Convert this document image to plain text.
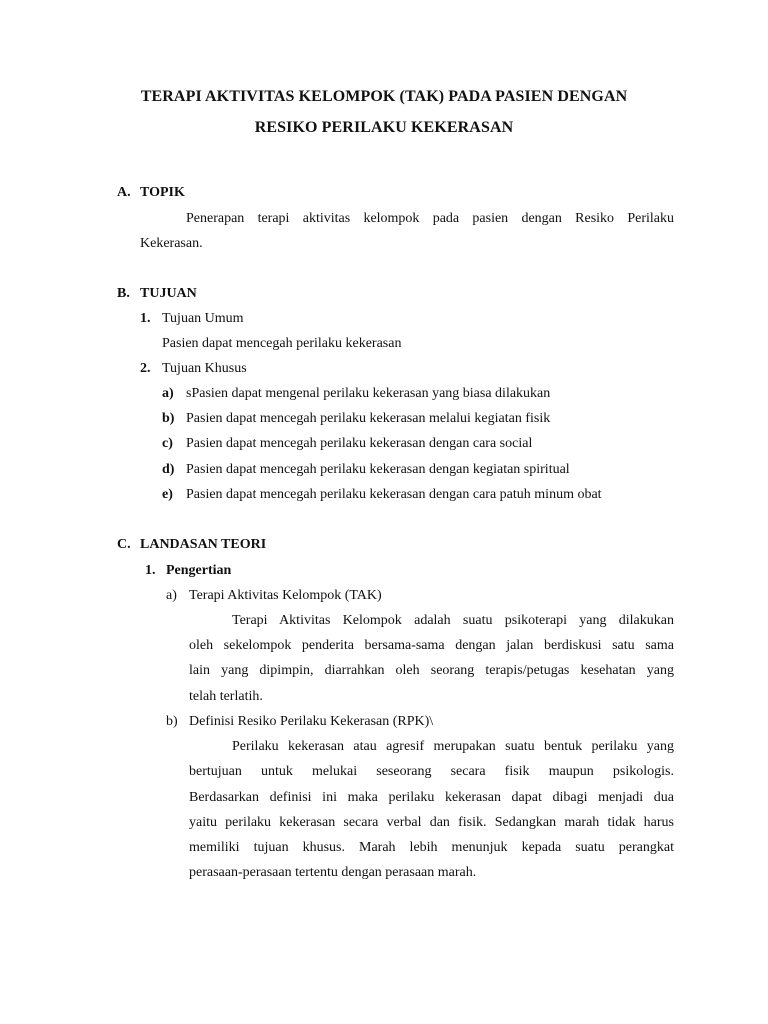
TERAPI AKTIVITAS KELOMPOK (TAK) PADA PASIEN DENGAN
RESIKO PERILAKU KEKERASAN
A. TOPIK
Penerapan terapi aktivitas kelompok pada pasien dengan Resiko Perilaku
Kekerasan.
B. TUJUAN
1. Tujuan Umum
Pasien dapat mencegah perilaku kekerasan
2. Tujuan Khusus
a) sPasien dapat mengenal perilaku kekerasan yang biasa dilakukan
b) Pasien dapat mencegah perilaku kekerasan melalui kegiatan fisik
c) Pasien dapat mencegah perilaku kekerasan dengan cara social
d) Pasien dapat mencegah perilaku kekerasan dengan kegiatan spiritual
e) Pasien dapat mencegah perilaku kekerasan dengan cara patuh minum obat
C. LANDASAN TEORI
1. Pengertian
a) Terapi Aktivitas Kelompok (TAK)
Terapi Aktivitas Kelompok adalah suatu psikoterapi yang dilakukan
oleh sekelompok penderita bersama-sama dengan jalan berdiskusi satu sama
lain yang dipimpin, diarrahkan oleh seorang terapis/petugas kesehatan yang
telah terlatih.
b) Definisi Resiko Perilaku Kekerasan (RPK)\
Perilaku kekerasan atau agresif merupakan suatu bentuk perilaku yang
bertujuan untuk melukai seseorang secara fisik maupun psikologis.
Berdasarkan definisi ini maka perilaku kekerasan dapat dibagi menjadi dua
yaitu perilaku kekerasan secara verbal dan fisik. Sedangkan marah tidak harus
memiliki tujuan khusus. Marah lebih menunjuk kepada suatu perangkat
perasaan-perasaan tertentu dengan perasaan marah.
